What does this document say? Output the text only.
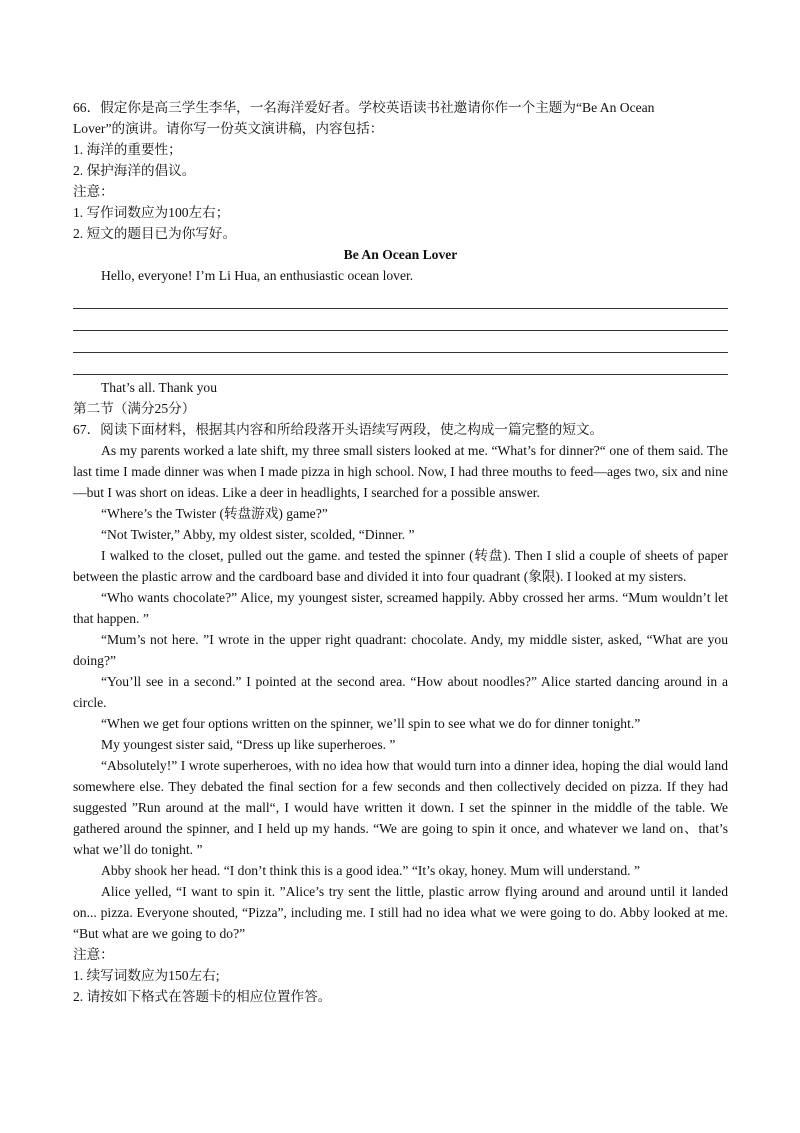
66．假定你是高三学生李华，一名海洋爱好者。学校英语读书社邀请你作一个主题为“Be An Ocean
Lover”的演讲。请你写一份英文演讲稿，内容包括：
1. 海洋的重要性；
2. 保护海洋的倡议。
注意：
1. 写作词数应为100左右；
2. 短文的题目已为你写好。
Be An Ocean Lover
Hello, everyone! I’m Li Hua, an enthusiastic ocean lover.
That’s all. Thank you
第二节（满分25分）
67．阅读下面材料，根据其内容和所给段落开头语续写两段，使之构成一篇完整的短文。
As my parents worked a late shift, my three small sisters looked at me. “What’s for dinner?“ one of them said. The last time I made dinner was when I made pizza in high school. Now, I had three mouths to feed—ages two, six and nine—but I was short on ideas. Like a deer in headlights, I searched for a possible answer.
“Where’s the Twister (转盘游戏) game?”
“Not Twister,” Abby, my oldest sister, scolded, “Dinner. ”
I walked to the closet, pulled out the game. and tested the spinner (转盘). Then I slid a couple of sheets of paper between the plastic arrow and the cardboard base and divided it into four quadrant (象限). I looked at my sisters.
“Who wants chocolate?” Alice, my youngest sister, screamed happily. Abby crossed her arms. “Mum wouldn’t let that happen. ”
“Mum’s not here. ”I wrote in the upper right quadrant: chocolate. Andy, my middle sister, asked, “What are you doing?”
“You’ll see in a second.” I pointed at the second area. “How about noodles?” Alice started dancing around in a circle.
“When we get four options written on the spinner, we’ll spin to see what we do for dinner tonight.”
My youngest sister said, “Dress up like superheroes. ”
“Absolutely!” I wrote superheroes, with no idea how that would turn into a dinner idea, hoping the dial would land somewhere else. They debated the final section for a few seconds and then collectively decided on pizza. If they had suggested ”Run around at the mall“, I would have written it down. I set the spinner in the middle of the table. We gathered around the spinner, and I held up my hands. “We are going to spin it once, and whatever we land on、that’s what we’ll do tonight. ”
Abby shook her head. “I don’t think this is a good idea.” “It’s okay, honey. Mum will understand. ”
Alice yelled, “I want to spin it. ”Alice’s try sent the little, plastic arrow flying around and around until it landed on... pizza. Everyone shouted, “Pizza”, including me. I still had no idea what we were going to do. Abby looked at me. “But what are we going to do?”
注意：
1. 续写词数应为150左右;
2. 请按如下格式在答题卡的相应位置作答。
